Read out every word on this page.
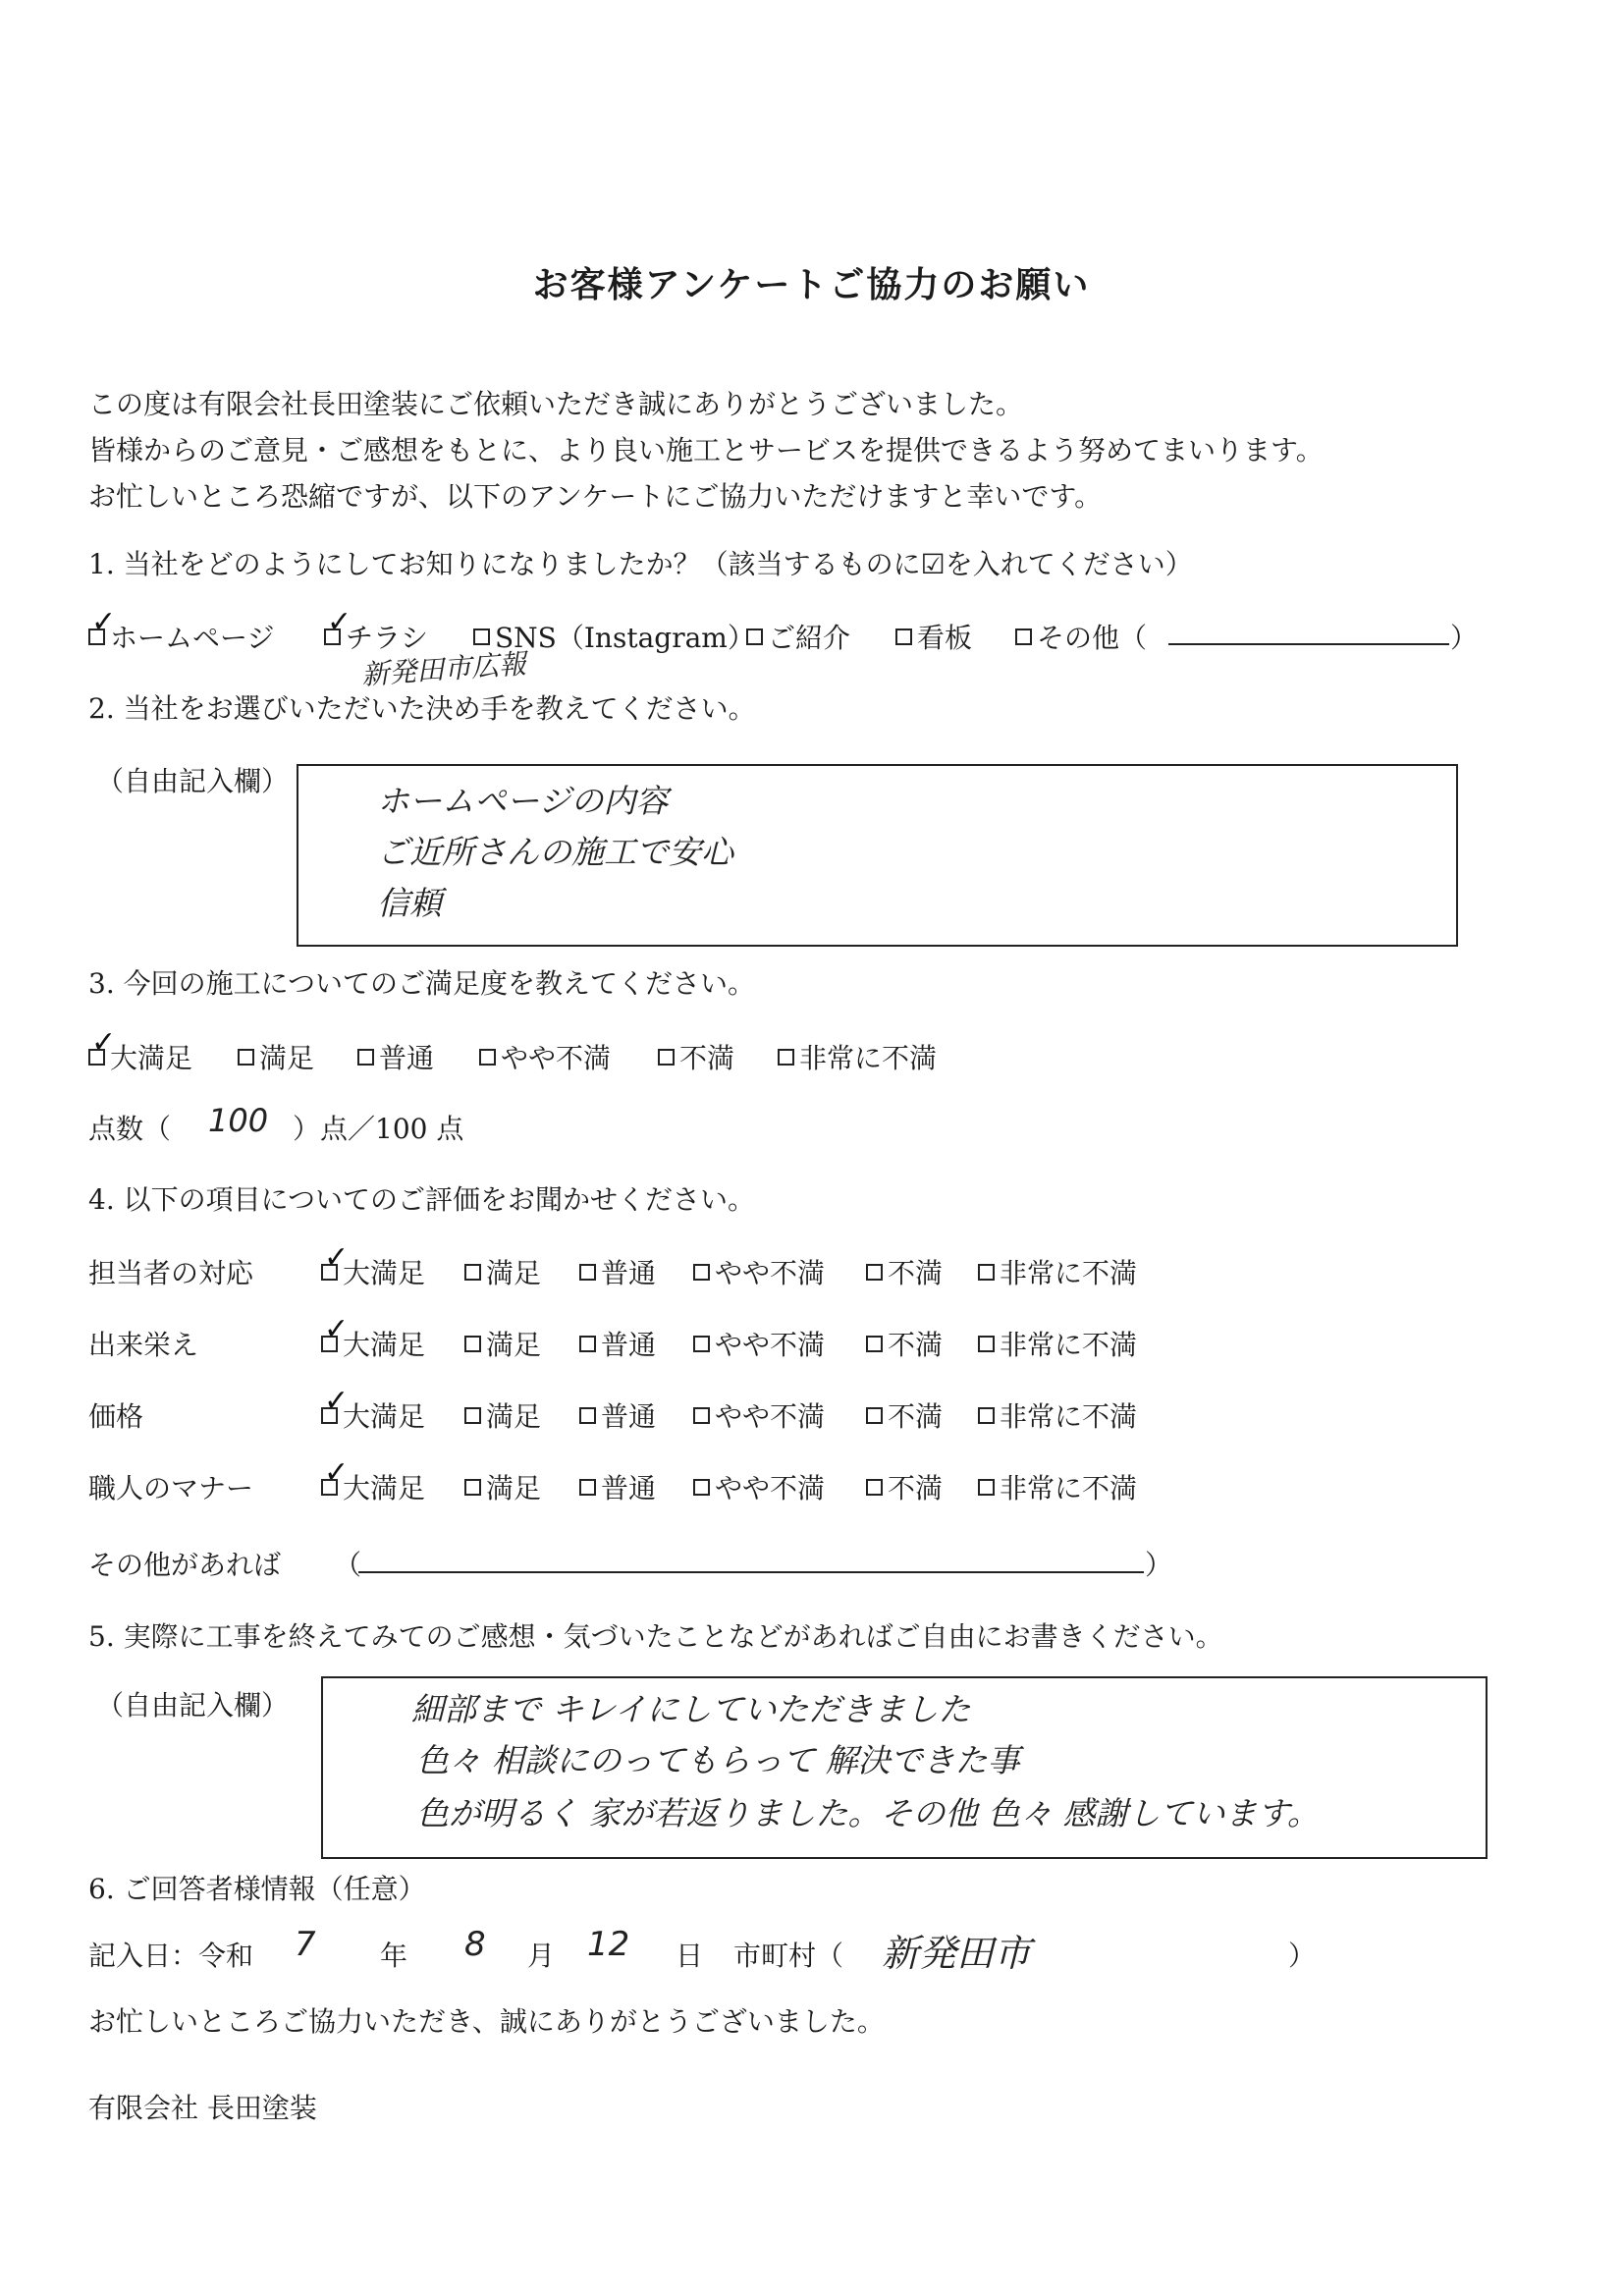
お客様アンケートご協力のお願い
この度は有限会社長田塗装にご依頼いただき誠にありがとうございました。
皆様からのご意見・ご感想をもとに、より良い施工とサービスを提供できるよう努めてまいります。
お忙しいところ恐縮ですが、以下のアンケートにご協力いただけますと幸いです。
1. 当社をどのようにしてお知りになりましたか？（該当するものに☑を入れてください）
✓
ホームページ ✓
チラシ SNS（Instagram） ご紹介 看板 その他（	）
新発田市広報
2. 当社をお選びいただいた決め手を教えてください。
（自由記入欄）
ホームページの内容
ご近所さんの施工で安心
信頼
3. 今回の施工についてのご満足度を教えてください。
✓
大満足 満足 普通 やや不満 不満 非常に不満
点数（ 100 ）点／100 点
4. 以下の項目についてのご評価をお聞かせください。
担当者の対応 ✓
大満足 満足 普通 やや不満 不満 非常に不満
出来栄え	✓
大満足 満足 普通 やや不満 不満 非常に不満
価格	✓
大満足 満足 普通 やや不満 不満 非常に不満
職人のマナー ✓
大満足 満足 普通 やや不満 不満 非常に不満
その他があれば （	）
5. 実際に工事を終えてみてのご感想・気づいたことなどがあればご自由にお書きください。
（自由記入欄）	細部まで キレイにしていただきました
色々 相談にのってもらって 解決できた事
色が明るく 家が若返りました。その他 色々 感謝しています。
6. ご回答者様情報（任意）
記入日：令和 7 年 8 月 12 日 市町村（ 新発田市	）
お忙しいところご協力いただき、誠にありがとうございました。
有限会社 長田塗装
